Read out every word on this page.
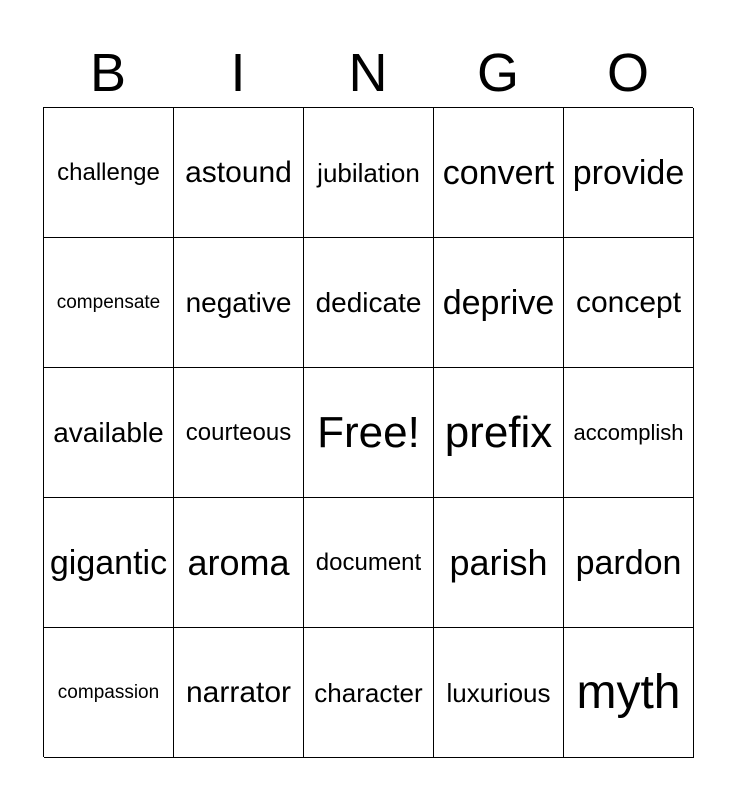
B	I	N	G	O
challenge astound jubilation convert provide
compensate negative dedicate deprive concept
available courteous Free! prefix accomplish
gigantic aroma document parish pardon
compassion narrator character luxurious myth
